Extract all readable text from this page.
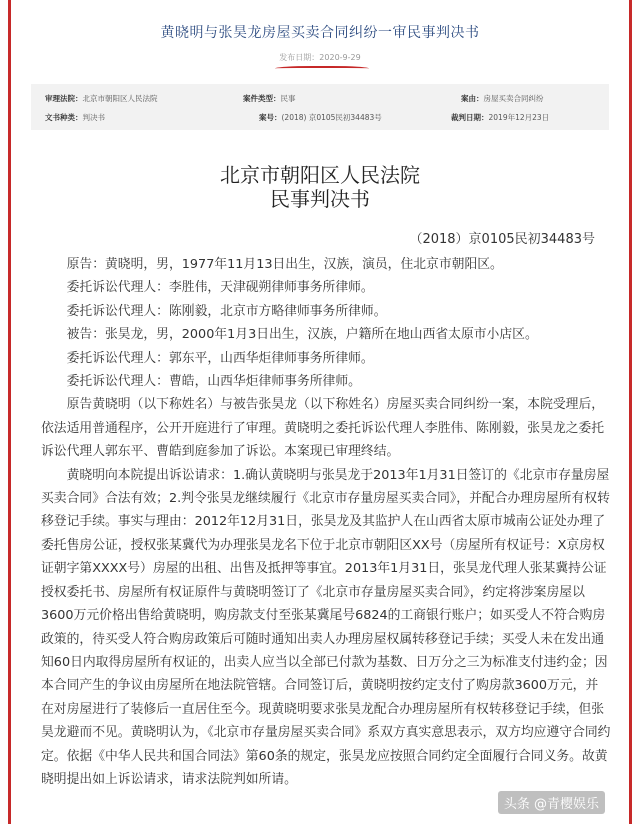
黄晓明与张昊龙房屋买卖合同纠纷一审民事判决书
发布日期：2020-9-29
审理法院：北京市朝阳区人民法院	案件类型：民事	案由：房屋买卖合同纠纷
文书种类：判决书	案号：(2018) 京0105民初34483号	裁判日期：2019年12月23日
北京市朝阳区人民法院
民事判决书
（2018）京0105民初34483号

原告：黄晓明，男，1977年11月13日出生，汉族，演员，住北京市朝阳区。

委托诉讼代理人：李胜伟，天津砚朔律师事务所律师。

委托诉讼代理人：陈刚毅，北京市方略律师事务所律师。

被告：张昊龙，男，2000年1月3日出生，汉族，户籍所在地山西省太原市小店区。

委托诉讼代理人：郭东平，山西华炬律师事务所律师。

委托诉讼代理人：曹皓，山西华炬律师事务所律师。

原告黄晓明（以下称姓名）与被告张昊龙（以下称姓名）房屋买卖合同纠纷一案，本院受理后，依法适用普通程序，公开开庭进行了审理。黄晓明之委托诉讼代理人李胜伟、陈刚毅，张昊龙之委托诉讼代理人郭东平、曹皓到庭参加了诉讼。本案现已审理终结。

黄晓明向本院提出诉讼请求：1.确认黄晓明与张昊龙于2013年1月31日签订的《北京市存量房屋买卖合同》合法有效；2.判令张昊龙继续履行《北京市存量房屋买卖合同》，并配合办理房屋所有权转移登记手续。事实与理由：2012年12月31日，张昊龙及其监护人在山西省太原市城南公证处办理了委托售房公证，授权张某冀代为办理张昊龙名下位于北京市朝阳区XX号（房屋所有权证号：X京房权证朝字第XXXX号）房屋的出租、出售及抵押等事宜。2013年1月31日，张昊龙代理人张某冀持公证授权委托书、房屋所有权证原件与黄晓明签订了《北京市存量房屋买卖合同》，约定将涉案房屋以3600万元价格出售给黄晓明，购房款支付至张某冀尾号6824的工商银行账户；如买受人不符合购房政策的，待买受人符合购房政策后可随时通知出卖人办理房屋权属转移登记手续；买受人未在发出通知60日内取得房屋所有权证的，出卖人应当以全部已付款为基数、日万分之三为标准支付违约金；因本合同产生的争议由房屋所在地法院管辖。合同签订后，黄晓明按约定支付了购房款3600万元，并在对房屋进行了装修后一直居住至今。现黄晓明要求张昊龙配合办理房屋所有权转移登记手续，但张昊龙避而不见。黄晓明认为，《北京市存量房屋买卖合同》系双方真实意思表示，双方均应遵守合同约定。依据《中华人民共和国合同法》第60条的规定，张昊龙应按照合同约定全面履行合同义务。故黄晓明提出如上诉讼请求，请求法院判如所请。

头条 @青樱娱乐
